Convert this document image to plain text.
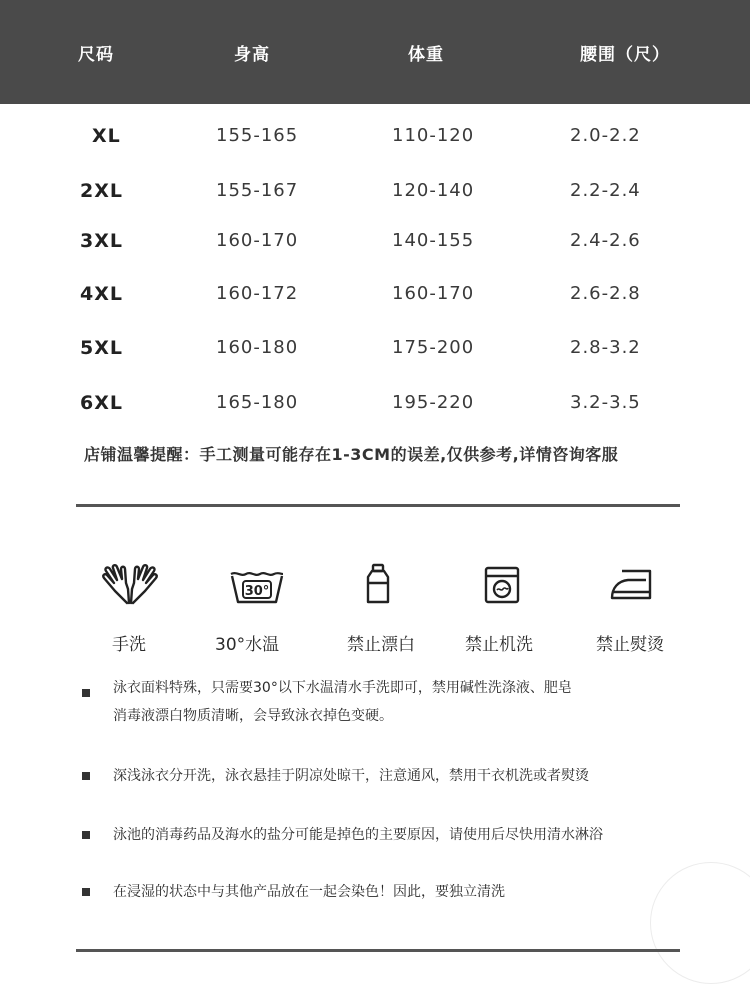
尺码	身高	体重	腰围（尺）
XL	155-165	110-120	2.0-2.2
2XL	155-167	120-140	2.2-2.4
3XL	160-170	140-155	2.4-2.6
4XL	160-172	160-170	2.6-2.8
5XL	160-180	175-200	2.8-3.2
6XL	165-180	195-220	3.2-3.5
店铺温馨提醒：手工测量可能存在1-3CM的误差,仅供参考,详情咨询客服
30°
手洗	30°水温	禁止漂白	禁止机洗	禁止熨烫
泳衣面料特殊，只需要30°以下水温清水手洗即可，禁用碱性洗涤液、肥皂
消毒液漂白物质清晰，会导致泳衣掉色变硬。
深浅泳衣分开洗，泳衣悬挂于阴凉处晾干，注意通风，禁用干衣机洗或者熨烫
泳池的消毒药品及海水的盐分可能是掉色的主要原因，请使用后尽快用清水淋浴
在浸湿的状态中与其他产品放在一起会染色！因此，要独立清洗
